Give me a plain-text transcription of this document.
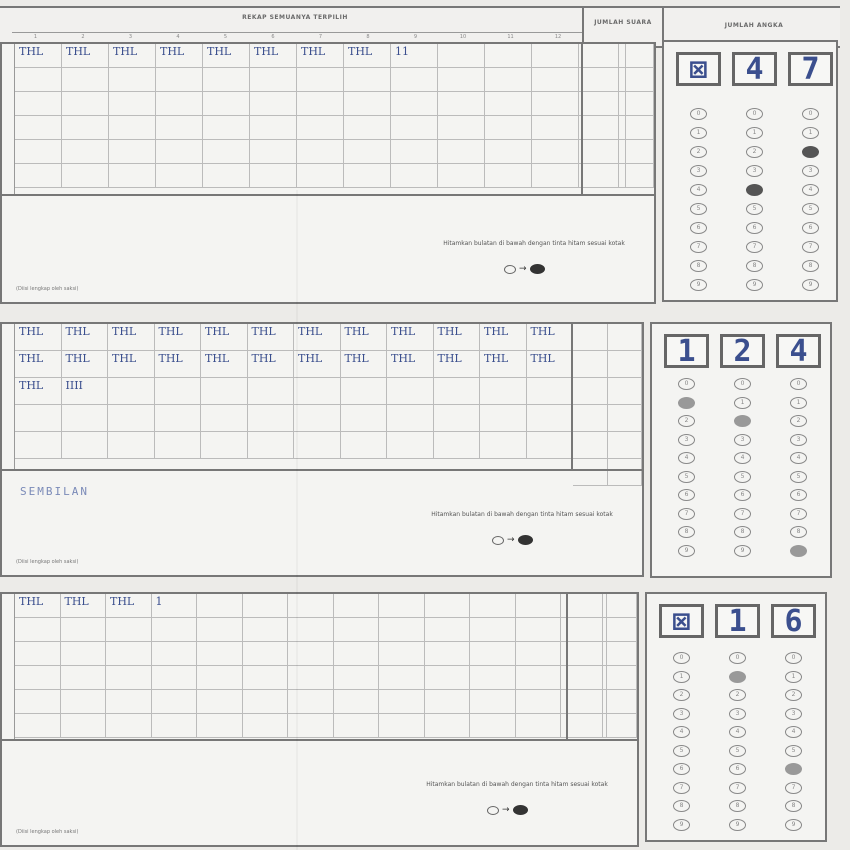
REKAP SEMUANYA TERPILIH
1	2	3	4	5	6	7	8	9	10	11	12
JUMLAH SUARA	JUMLAH ANGKA
THL	THL	THL	THL	THL	THL	THL	THL	11
Hitamkan bulatan di bawah dengan tinta hitam sesuai kotak
→
(Diisi lengkap oleh saksi)
⊠
0
1
2
3
4
5
6
7
8
9
4
0
1
2
3
5
6
7
8
9
7
0
1
3
4
5
6
7
8
9
THL	THL	THL	THL	THL	THL	THL	THL	THL	THL	THL	THL
THL	THL	THL	THL	THL	THL	THL	THL	THL	THL	THL	THL
THL	IIII
SEMBILAN
Hitamkan bulatan di bawah dengan tinta hitam sesuai kotak
→
(Diisi lengkap oleh saksi)
1
0
2
3
4
5
6
7
8
9
2
0
1
3
4
5
6
7
8
9
4
0
1
2
3
4
5
6
7
8
THL	THL	THL	1
Hitamkan bulatan di bawah dengan tinta hitam sesuai kotak
→
(Diisi lengkap oleh saksi)
⊠
0
1
2
3
4
5
6
7
8
9
1
0
2
3
4
5
6
7
8
9
6
0
1
2
3
4
5
7
8
9
